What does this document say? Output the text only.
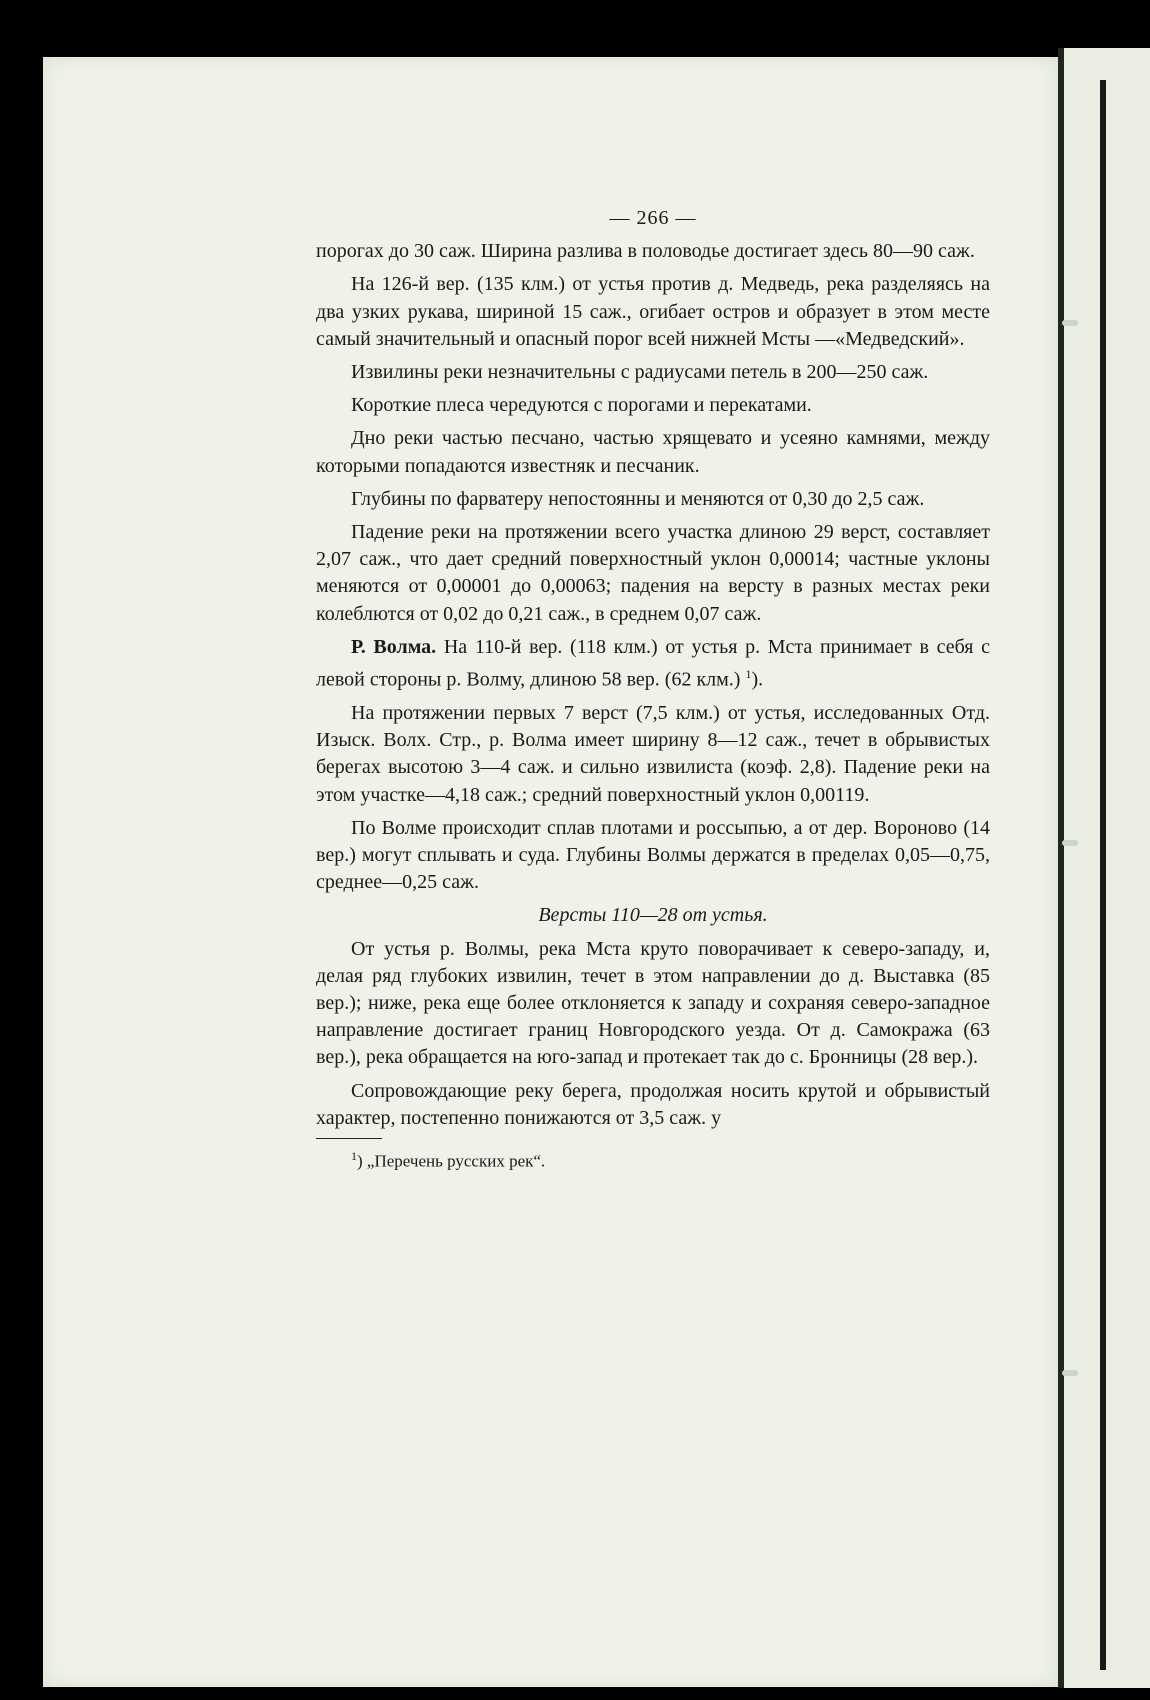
— 266 —

порогах до 30 саж. Ширина разлива в половодье достигает здесь 80—90 саж.

На 126-й вер. (135 клм.) от устья против д. Медведь, река разделяясь на два узких рукава, шириной 15 саж., огибает остров и образует в этом месте самый значительный и опасный порог всей нижней Мсты —«Медведский».

Извилины реки незначительны с радиусами петель в 200—250 саж.

Короткие плеса чередуются с порогами и перекатами.

Дно реки частью песчано, частью хрящевато и усеяно камнями, между которыми попадаются известняк и песчаник.

Глубины по фарватеру непостоянны и меняются от 0,30 до 2,5 саж.

Падение реки на протяжении всего участка длиною 29 верст, составляет 2,07 саж., что дает средний поверхностный уклон 0,00014; частные уклоны меняются от 0,00001 до 0,00063; падения на версту в разных местах реки колеблются от 0,02 до 0,21 саж., в среднем 0,07 саж.

Р. Волма. На 110-й вер. (118 клм.) от устья р. Мста принимает в себя с левой стороны р. Волму, длиною 58 вер. (62 клм.) $^1$).

На протяжении первых 7 верст (7,5 клм.) от устья, исследованных Отд. Изыск. Волх. Стр., р. Волма имеет ширину 8—12 саж., течет в обрывистых берегах высотою 3—4 саж. и сильно извилиста (коэф. 2,8). Падение реки на этом участке—4,18 саж.; средний поверхностный уклон 0,00119.

По Волме происходит сплав плотами и россыпью, а от дер. Вороново (14 вер.) могут сплывать и суда. Глубины Волмы держатся в пределах 0,05—0,75, среднее—0,25 саж.

Версты 110—28 от устья.

От устья р. Волмы, река Мста круто поворачивает к северо-западу, и, делая ряд глубоких извилин, течет в этом направлении до д. Выставка (85 вер.); ниже, река еще более отклоняется к западу и сохраняя северо-западное направление достигает границ Новгородского уезда. От д. Самокража (63 вер.), река обращается на юго-запад и протекает так до с. Бронницы (28 вер.).

Сопровождающие реку берега, продолжая носить крутой и обрывистый характер, постепенно понижаются от 3,5 саж. у

$^1$) „Перечень русских рек“.
